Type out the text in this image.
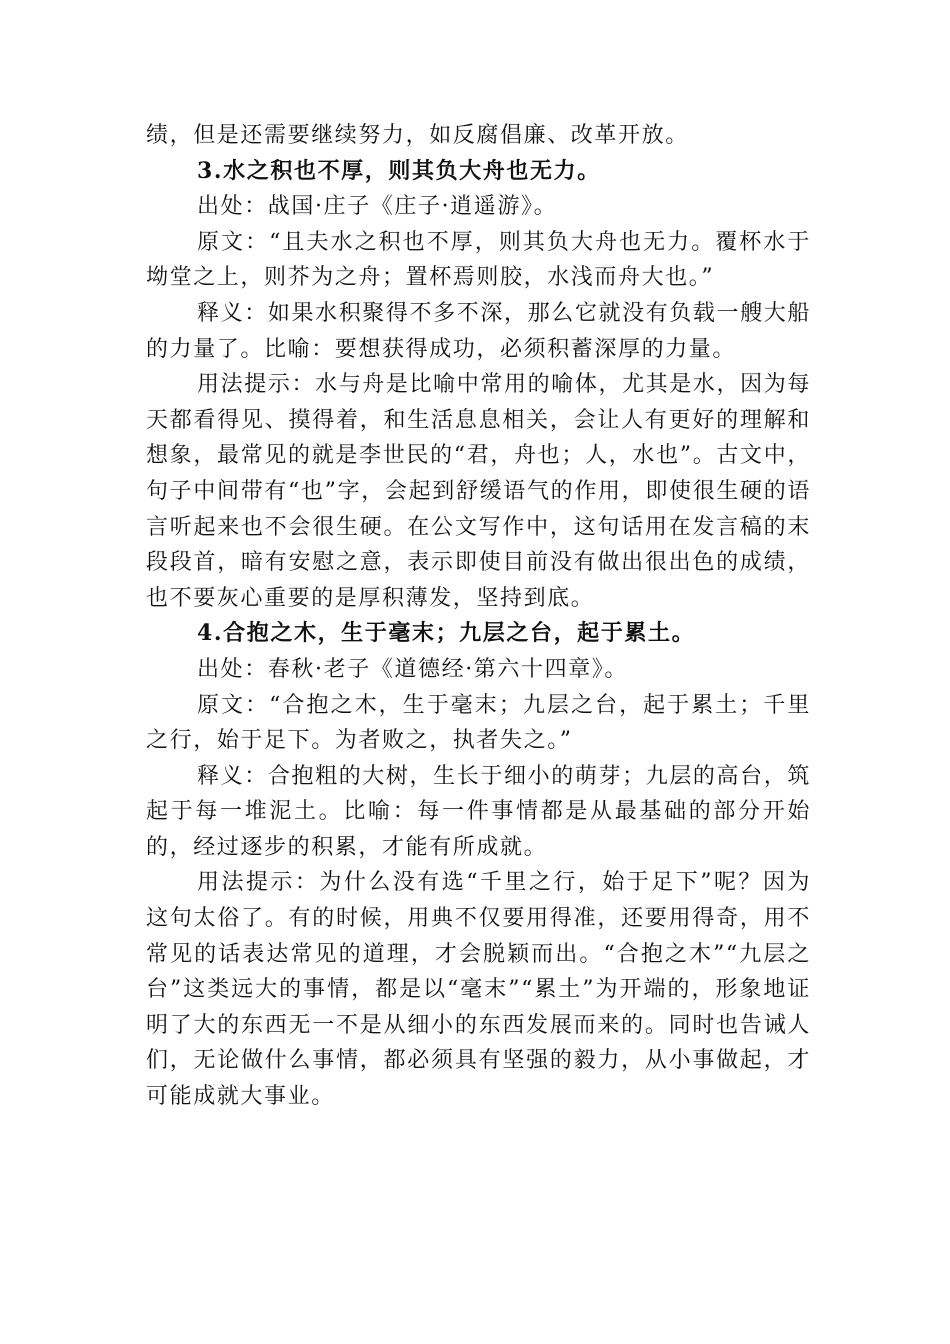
绩，但是还需要继续努力，如反腐倡廉、改革开放。

3.水之积也不厚，则其负大舟也无力。

出处：战国·庄子《庄子·逍遥游》。

原文：“且夫水之积也不厚，则其负大舟也无力。覆杯水于坳堂之上，则芥为之舟；置杯焉则胶，水浅而舟大也。”

释义：如果水积聚得不多不深，那么它就没有负载一艘大船的力量了。比喻：要想获得成功，必须积蓄深厚的力量。

用法提示：水与舟是比喻中常用的喻体，尤其是水，因为每天都看得见、摸得着，和生活息息相关，会让人有更好的理解和想象，最常见的就是李世民的“君，舟也；人，水也”。古文中，句子中间带有“也”字，会起到舒缓语气的作用，即使很生硬的语言听起来也不会很生硬。在公文写作中，这句话用在发言稿的末段段首，暗有安慰之意，表示即使目前没有做出很出色的成绩，也不要灰心重要的是厚积薄发，坚持到底。

4.合抱之木，生于毫末；九层之台，起于累土。

出处：春秋·老子《道德经·第六十四章》。

原文：“合抱之木，生于毫末；九层之台，起于累土；千里之行，始于足下。为者败之，执者失之。”

释义：合抱粗的大树，生长于细小的萌芽；九层的高台，筑起于每一堆泥土。比喻：每一件事情都是从最基础的部分开始的，经过逐步的积累，才能有所成就。

用法提示：为什么没有选“千里之行，始于足下”呢？因为这句太俗了。有的时候，用典不仅要用得准，还要用得奇，用不常见的话表达常见的道理，才会脱颖而出。“合抱之木”“九层之台”这类远大的事情，都是以“毫末”“累土”为开端的，形象地证明了大的东西无一不是从细小的东西发展而来的。同时也告诫人们，无论做什么事情，都必须具有坚强的毅力，从小事做起，才可能成就大事业。
